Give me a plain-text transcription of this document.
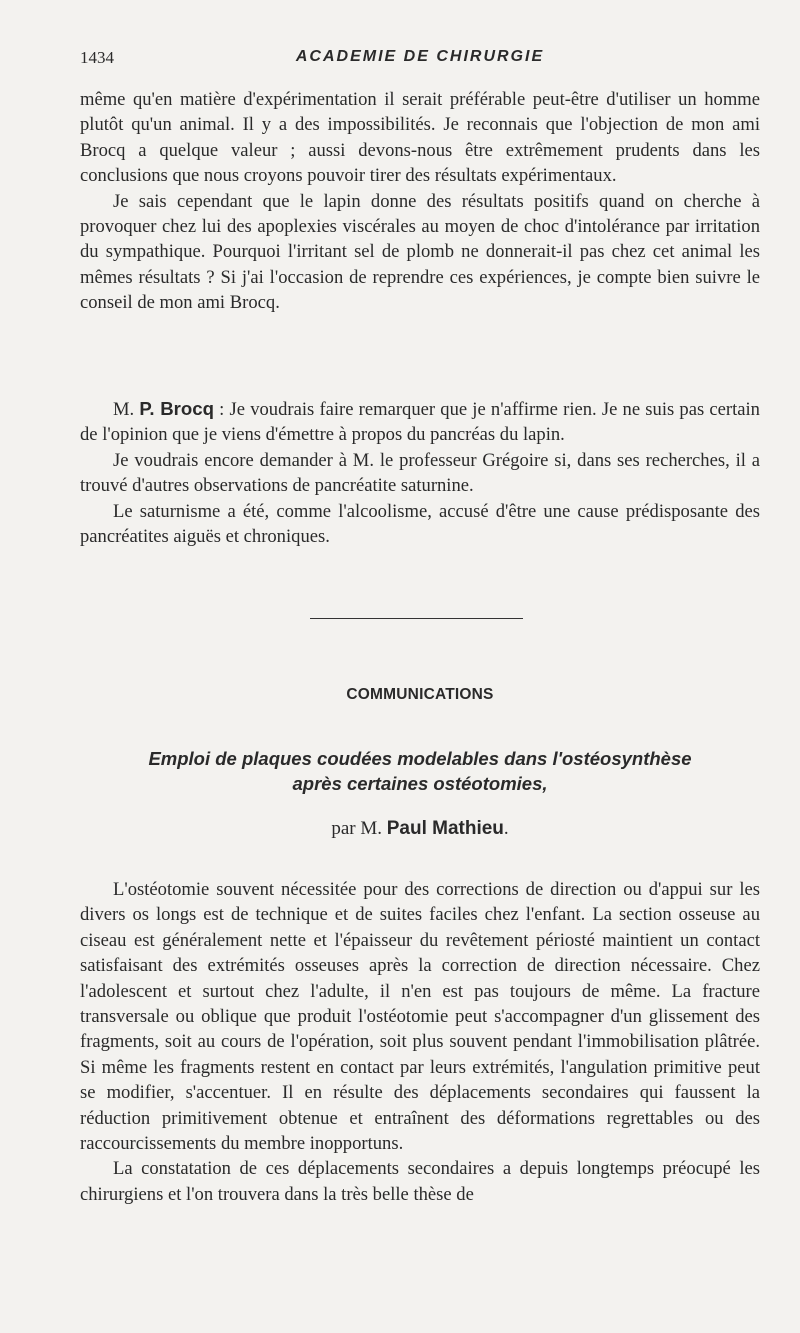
1434	ACADEMIE DE CHIRURGIE

même qu'en matière d'expérimentation il serait préférable peut-être d'utiliser un homme plutôt qu'un animal. Il y a des impossibilités. Je reconnais que l'objection de mon ami Brocq a quelque valeur ; aussi devons-nous être extrêmement prudents dans les conclusions que nous croyons pouvoir tirer des résultats expérimentaux.

Je sais cependant que le lapin donne des résultats positifs quand on cherche à provoquer chez lui des apoplexies viscérales au moyen de choc d'intolérance par irritation du sympathique. Pourquoi l'irritant sel de plomb ne donnerait-il pas chez cet animal les mêmes résultats ? Si j'ai l'occasion de reprendre ces expériences, je compte bien suivre le conseil de mon ami Brocq.

M. P. Brocq : Je voudrais faire remarquer que je n'affirme rien. Je ne suis pas certain de l'opinion que je viens d'émettre à propos du pancréas du lapin.

Je voudrais encore demander à M. le professeur Grégoire si, dans ses recherches, il a trouvé d'autres observations de pancréatite saturnine.

Le saturnisme a été, comme l'alcoolisme, accusé d'être une cause prédisposante des pancréatites aiguës et chroniques.

COMMUNICATIONS
Emploi de plaques coudées modelables dans l'ostéosynthèse
après certaines ostéotomies,
par M. Paul Mathieu.

L'ostéotomie souvent nécessitée pour des corrections de direction ou d'appui sur les divers os longs est de technique et de suites faciles chez l'enfant. La section osseuse au ciseau est généralement nette et l'épaisseur du revêtement périosté maintient un contact satisfaisant des extrémités osseuses après la correction de direction nécessaire. Chez l'adolescent et surtout chez l'adulte, il n'en est pas toujours de même. La fracture transversale ou oblique que produit l'ostéotomie peut s'accompagner d'un glissement des fragments, soit au cours de l'opération, soit plus souvent pendant l'immobilisation plâtrée. Si même les fragments restent en contact par leurs extrémités, l'angulation primitive peut se modifier, s'accentuer. Il en résulte des déplacements secondaires qui faussent la réduction primitivement obtenue et entraînent des déformations regrettables ou des raccourcissements du membre inopportuns.

La constatation de ces déplacements secondaires a depuis longtemps préocupé les chirurgiens et l'on trouvera dans la très belle thèse de
